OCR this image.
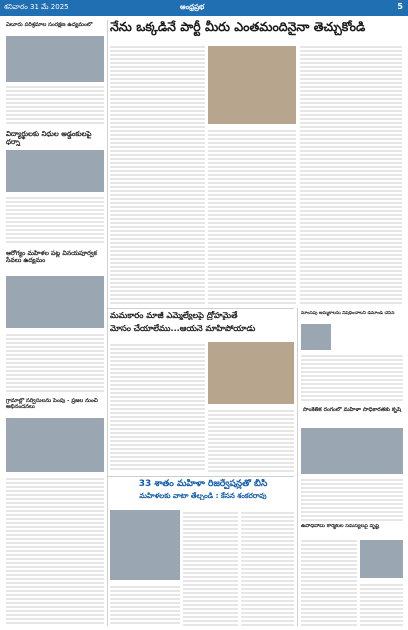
శనివారం 31 మే 2025	ఆంధ్రప్రభ	5
నేను ఒక్కడినే పార్టీ మీరు ఎంతమందినైనా తెచ్చుకోండి
ఏలూరు పరిశ్రమాల సంరక్షణ ఉద్యమంలో
విద్యార్థులకు నిధుల అడ్డంకులపై ధర్నా
ఆరోగ్యం మహిళల పట్ల వినయపూర్వక సేవలు ఉద్యమం
గ్రామాల్లో సర్వీసులను పెంపు - ప్రజల నుంచి అభినందనలు
మమకారం మాజీ ఎమ్మెల్యేలపై ద్రోహమైతే
మోసం చేయాలేము...ఆయనె మాహిపోయాడు
33 శాతం మహిళా రిజర్వేషన్లతో బీసీ
మహిళలకు వాటా తేల్చండి : కేసన శంకరరావు
మాంసపు అమ్మకాలను నిషేధించాలని డిమాండ్ చేసిన
సాంకేతిక రంగంలో మహిళా సాధికారతకు కృషి
ఉపాధిహామీ కార్మికుల సమస్యలపై దృష్టి
